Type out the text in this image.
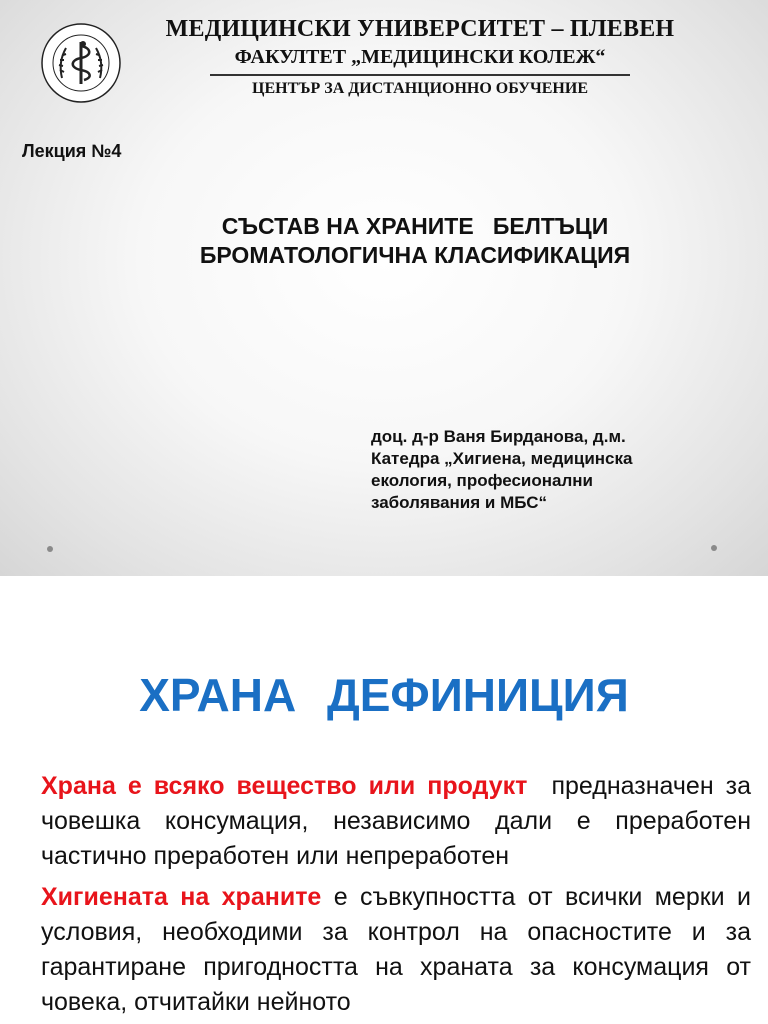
МЕДИЦИНСКИ УНИВЕРСИТЕТ – ПЛЕВЕН
ФАКУЛТЕТ „МЕДИЦИНСКИ КОЛЕЖ“
ЦЕНТЪР ЗА ДИСТАНЦИОННО ОБУЧЕНИЕ
Лекция №4
СЪСТАВ НА ХРАНИТЕ   БЕЛТЪЦИ
БРОМАТОЛОГИЧНА КЛАСИФИКАЦИЯ
доц. д-р Ваня Бирданова, д.м.
Катедра „Хигиена, медицинска
екология, професионални
заболявания и МБС“
ХРАНА ДЕФИНИЦИЯ
Храна е всяко вещество или продукт  предназначен за човешка консумация, независимо дали е преработен  частично преработен или непреработен
Хигиената на храните е съвкупността от всички мерки и условия, необходими за контрол на опасностите и за гарантиране пригодността на храната за консумация от човека, отчитайки нейното
